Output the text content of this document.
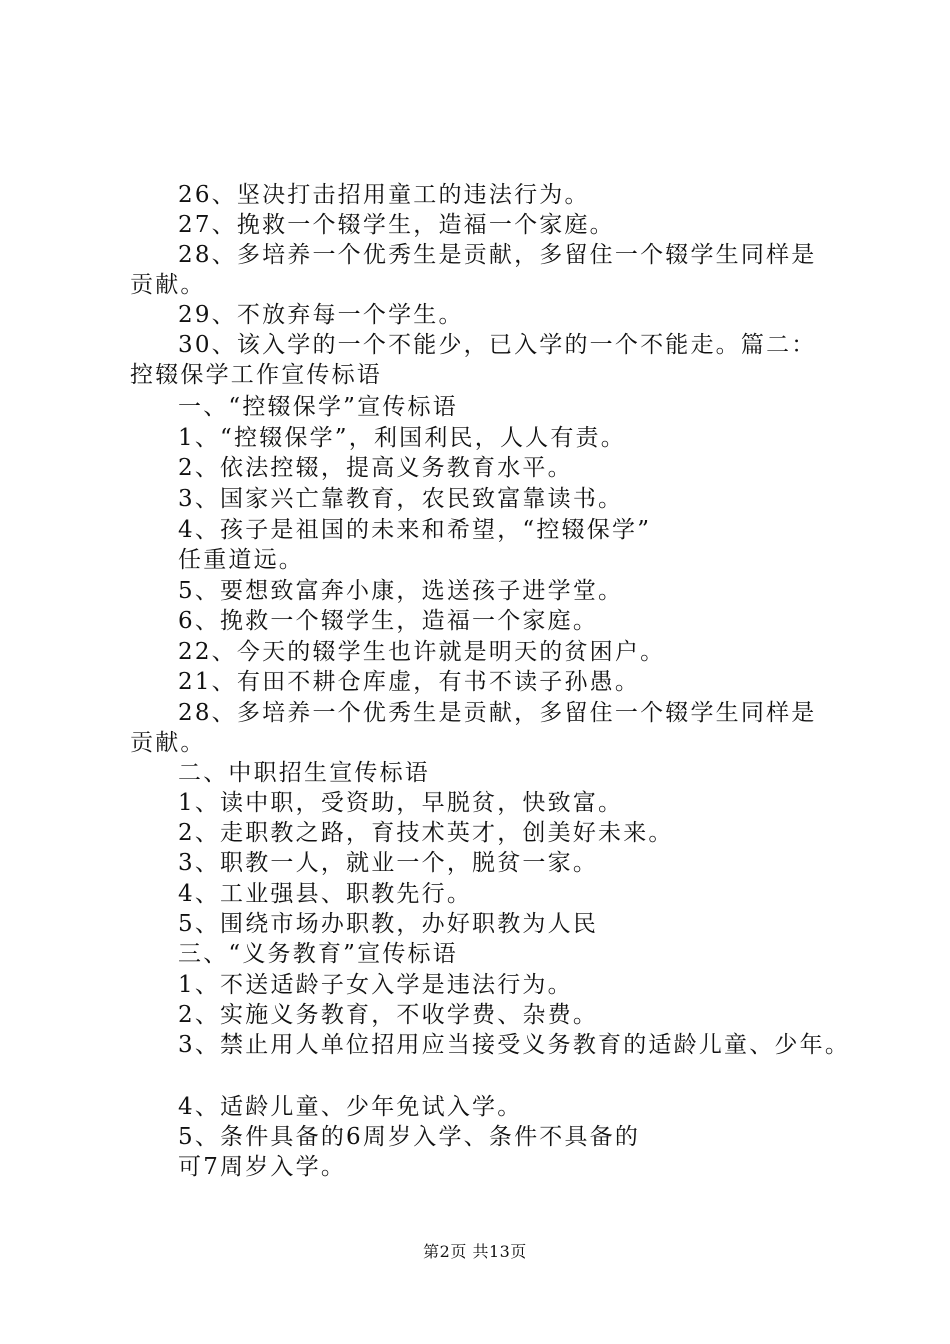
26、坚决打击招用童工的违法行为。
27、挽救一个辍学生，造福一个家庭。
28、多培养一个优秀生是贡献，多留住一个辍学生同样是
贡献。
29、不放弃每一个学生。
30、该入学的一个不能少，已入学的一个不能走。篇二：
控辍保学工作宣传标语
一、“控辍保学”宣传标语
1、“控辍保学”，利国利民，人人有责。
2、依法控辍，提高义务教育水平。
3、国家兴亡靠教育，农民致富靠读书。
4、孩子是祖国的未来和希望，“控辍保学”
任重道远。
5、要想致富奔小康，选送孩子进学堂。
6、挽救一个辍学生，造福一个家庭。
22、今天的辍学生也许就是明天的贫困户。
21、有田不耕仓库虚，有书不读子孙愚。
28、多培养一个优秀生是贡献，多留住一个辍学生同样是
贡献。
二、中职招生宣传标语
1、读中职，受资助，早脱贫，快致富。
2、走职教之路，育技术英才，创美好未来。
3、职教一人，就业一个，脱贫一家。
4、工业强县、职教先行。
5、围绕市场办职教，办好职教为人民
三、“义务教育”宣传标语
1、不送适龄子女入学是违法行为。
2、实施义务教育，不收学费、杂费。
3、禁止用人单位招用应当接受义务教育的适龄儿童、少年。
4、适龄儿童、少年免试入学。
5、条件具备的6周岁入学、条件不具备的
可7周岁入学。
第2页 共13页
